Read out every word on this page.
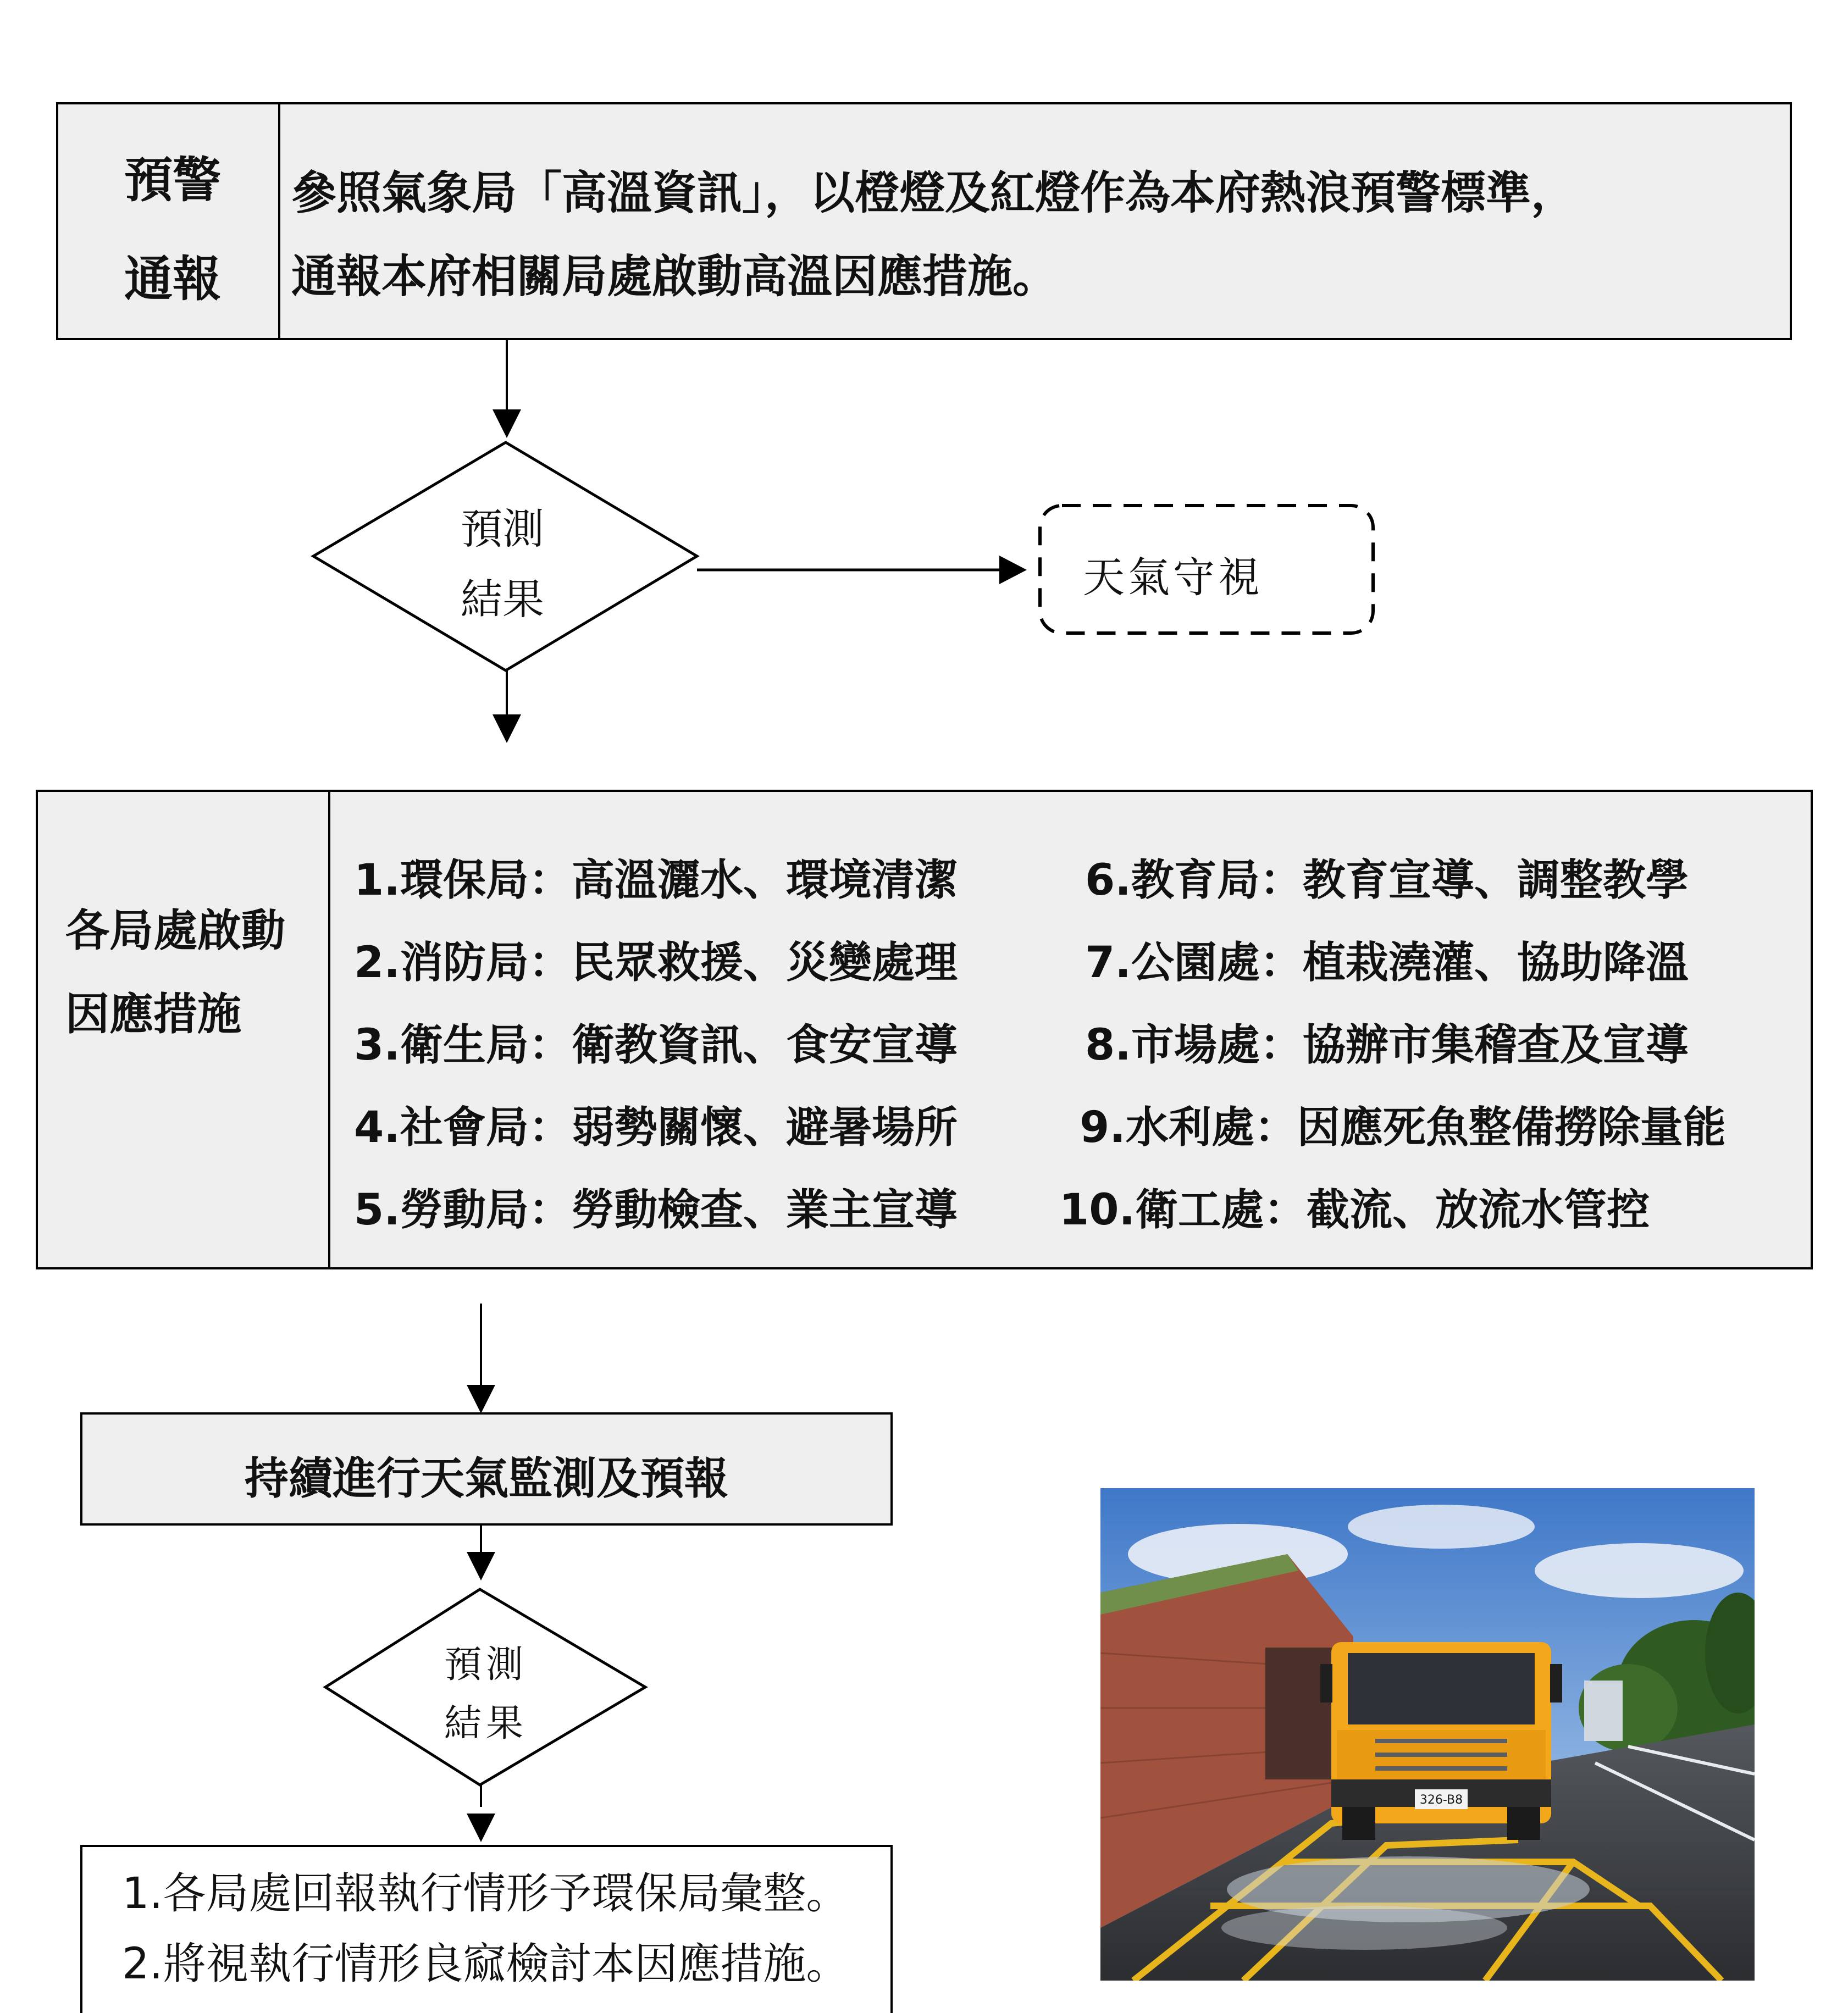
預警
通報
參照氣象局「高溫資訊」，以橙燈及紅燈作為本府熱浪預警標準，
通報本府相關局處啟動高溫因應措施。
預測
結果	天氣守視
各局處啟動
因應措施
1.環保局：高溫灑水、環境清潔
2.消防局：民眾救援、災變處理
3.衛生局：衛教資訊、食安宣導
4.社會局：弱勢關懷、避暑場所
5.勞動局：勞動檢查、業主宣導
6.教育局：教育宣導、調整教學
7.公園處：植栽澆灌、協助降溫
8.市場處：協辦市集稽查及宣導
9.水利處：因應死魚整備撈除量能
10.衛工處：截流、放流水管控
持續進行天氣監測及預報
預測
結果
1.各局處回報執行情形予環保局彙整。
2.將視執行情形良窳檢討本因應措施。
326-B8
